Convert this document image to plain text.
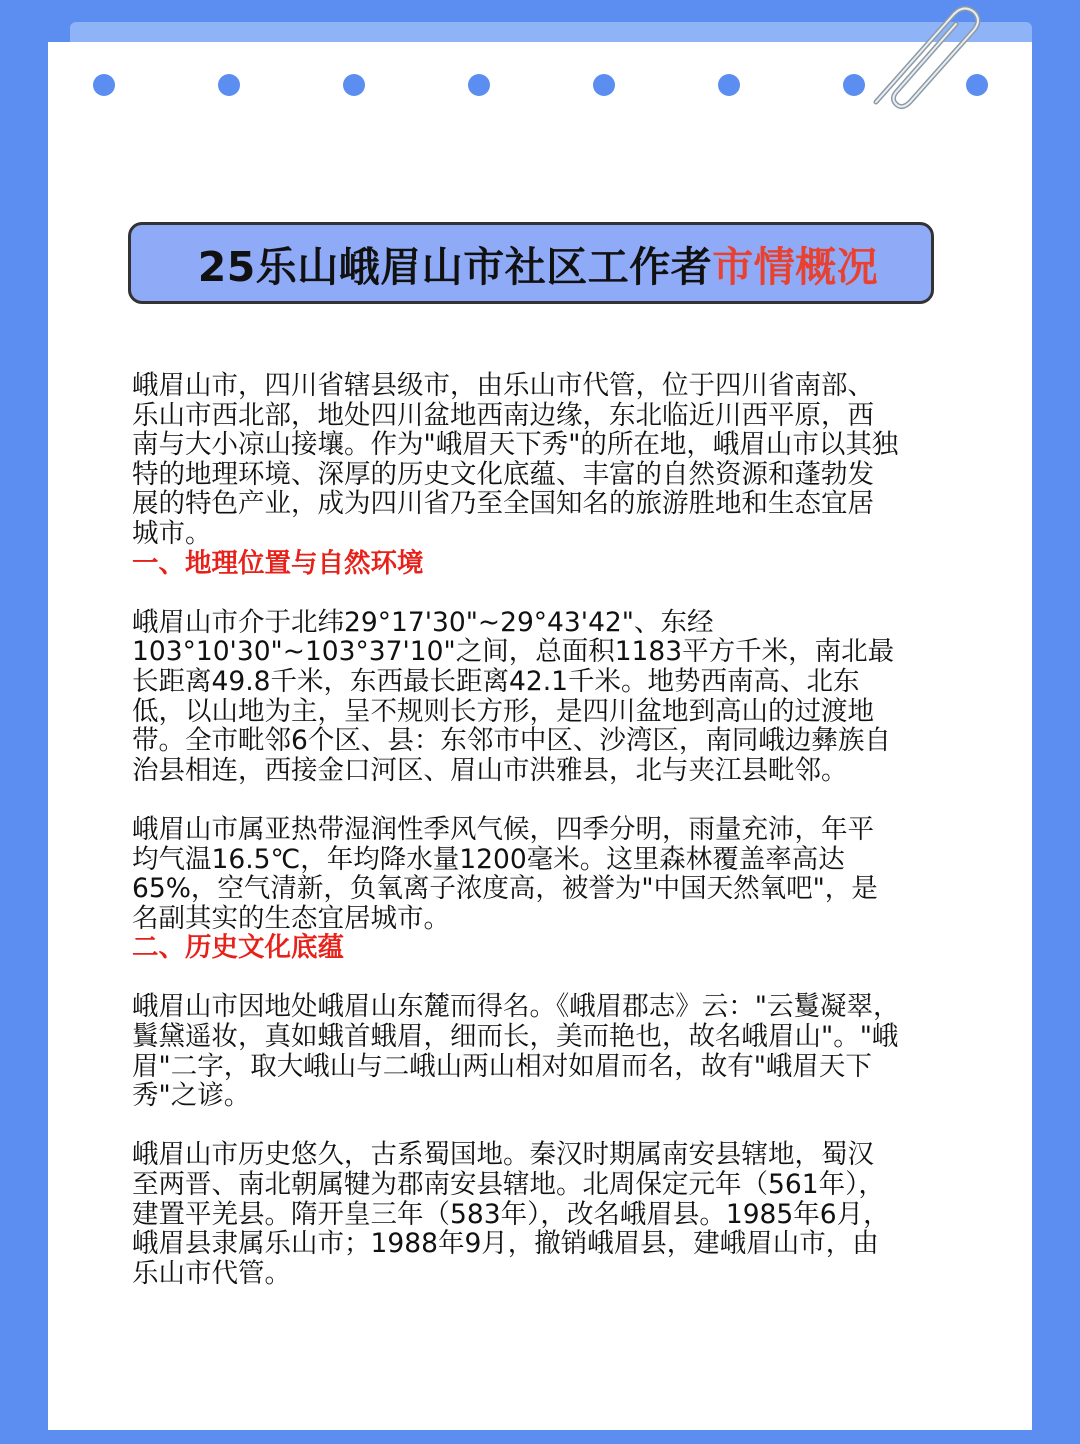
25乐山峨眉山市社区工作者 市情概况

峨眉山市，四川省辖县级市，由乐山市代管，位于四川省南部、乐山市西北部，地处四川盆地西南边缘，东北临近川西平原，西南与大小凉山接壤。作为"峨眉天下秀"的所在地，峨眉山市以其独特的地理环境、深厚的历史文化底蕴、丰富的自然资源和蓬勃发展的特色产业，成为四川省乃至全国知名的旅游胜地和生态宜居城市。

一、地理位置与自然环境

峨眉山市介于北纬29°17'30"~29°43'42"、东经103°10'30"~103°37'10"之间，总面积1183平方千米，南北最长距离49.8千米，东西最长距离42.1千米。地势西南高、北东低，以山地为主，呈不规则长方形，是四川盆地到高山的过渡地带。全市毗邻6个区、县：东邻市中区、沙湾区，南同峨边彝族自治县相连，西接金口河区、眉山市洪雅县，北与夹江县毗邻。

峨眉山市属亚热带湿润性季风气候，四季分明，雨量充沛，年平均气温16.5℃，年均降水量1200毫米。这里森林覆盖率高达65%，空气清新，负氧离子浓度高，被誉为"中国天然氧吧"，是名副其实的生态宜居城市。

二、历史文化底蕴

峨眉山市因地处峨眉山东麓而得名。《峨眉郡志》云："云鬘凝翠，鬒黛遥妆，真如蛾首蛾眉，细而长，美而艳也，故名峨眉山"。"峨眉"二字，取大峨山与二峨山两山相对如眉而名，故有"峨眉天下秀"之谚。

峨眉山市历史悠久，古系蜀国地。秦汉时期属南安县辖地，蜀汉至两晋、南北朝属犍为郡南安县辖地。北周保定元年（561年），建置平羌县。隋开皇三年（583年），改名峨眉县。1985年6月，峨眉县隶属乐山市；1988年9月，撤销峨眉县，建峨眉山市，由乐山市代管。
